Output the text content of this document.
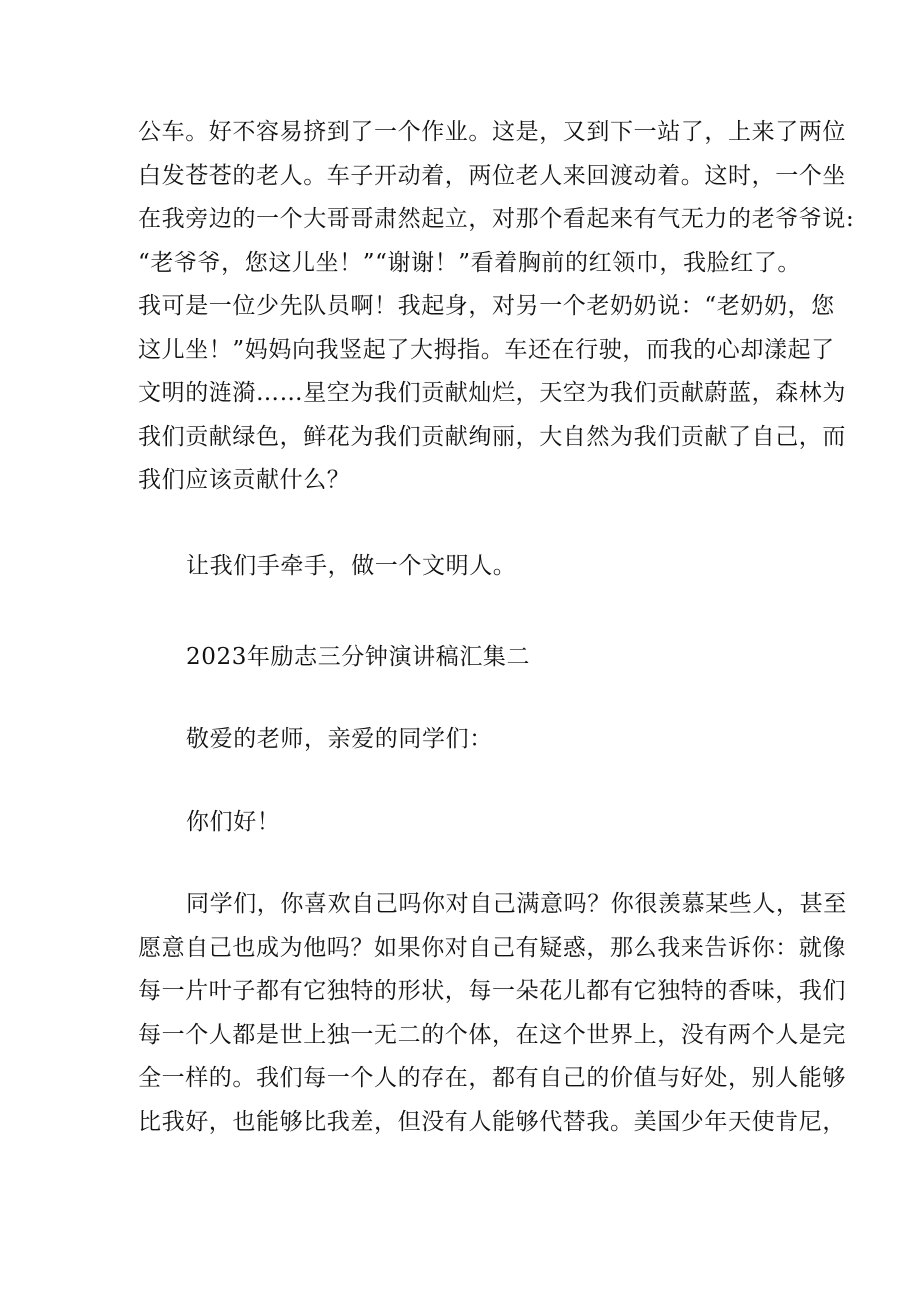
公车。好不容易挤到了一个作业。这是，又到下一站了，上来了两位
白发苍苍的老人。车子开动着，两位老人来回渡动着。这时，一个坐
在我旁边的一个大哥哥肃然起立，对那个看起来有气无力的老爷爷说:
“老爷爷，您这儿坐！”“谢谢！”看着胸前的红领巾，我脸红了。
我可是一位少先队员啊！我起身，对另一个老奶奶说：“老奶奶，您
这儿坐！”妈妈向我竖起了大拇指。车还在行驶，而我的心却漾起了
文明的涟漪……星空为我们贡献灿烂，天空为我们贡献蔚蓝，森林为
我们贡献绿色，鲜花为我们贡献绚丽，大自然为我们贡献了自己，而
我们应该贡献什么？
让我们手牵手，做一个文明人。
2023年励志三分钟演讲稿汇集二
敬爱的老师，亲爱的同学们：
你们好！
同学们，你喜欢自己吗你对自己满意吗？你很羡慕某些人，甚至
愿意自己也成为他吗？如果你对自己有疑惑，那么我来告诉你：就像
每一片叶子都有它独特的形状，每一朵花儿都有它独特的香味，我们
每一个人都是世上独一无二的个体，在这个世界上，没有两个人是完
全一样的。我们每一个人的存在，都有自己的价值与好处，别人能够
比我好，也能够比我差，但没有人能够代替我。美国少年天使肯尼，
